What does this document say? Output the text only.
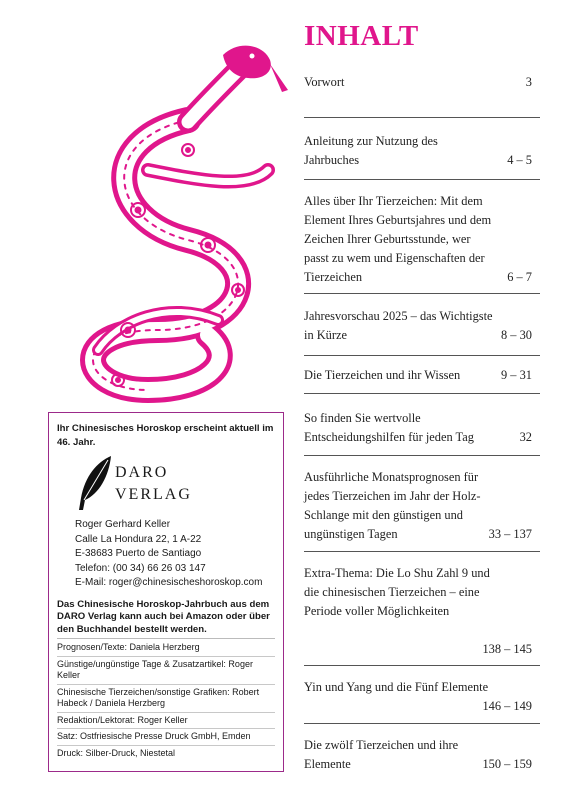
Ihr Chinesisches Horoskop erscheint aktuell im 46. Jahr.
DARO
VERLAG
Roger Gerhard Keller
Calle La Hondura 22, 1 A-22
E-38683 Puerto de Santiago
Telefon: (00 34) 66 26 03 147
E-Mail: roger@chinesischeshoroskop.com
Das Chinesische Horoskop-Jahrbuch aus dem DARO Verlag kann auch bei Amazon oder über den Buchhandel bestellt werden.
Prognosen/Texte: Daniela Herzberg
Günstige/ungünstige Tage & Zusatzartikel: Roger Keller
Chinesische Tierzeichen/sonstige Grafiken: Robert Habeck / Daniela Herzberg
Redaktion/Lektorat: Roger Keller
Satz: Ostfriesische Presse Druck GmbH, Emden
Druck: Silber-Druck, Niestetal
INHALT
Vorwort	3
Anleitung zur Nutzung des Jahrbuches	4 – 5
Alles über Ihr Tierzeichen: Mit dem Element Ihres Geburtsjahres und dem Zeichen Ihrer Geburtsstunde, wer passt zu wem und Eigenschaften der Tierzeichen	6 – 7
Jahresvorschau 2025 – das Wichtigste in Kürze	8 – 30
Die Tierzeichen und ihr Wissen	9 – 31
So finden Sie wertvolle Entscheidungshilfen für jeden Tag	32
Ausführliche Monatsprognosen für jedes Tierzeichen im Jahr der Holz-Schlange mit den günstigen und ungünstigen Tagen	33 – 137
Extra-Thema: Die Lo Shu Zahl 9 und die chinesischen Tierzeichen – eine Periode voller Möglichkeiten
138 – 145
Yin und Yang und die Fünf Elemente
146 – 149
Die zwölf Tierzeichen und ihre Elemente	150 – 159
